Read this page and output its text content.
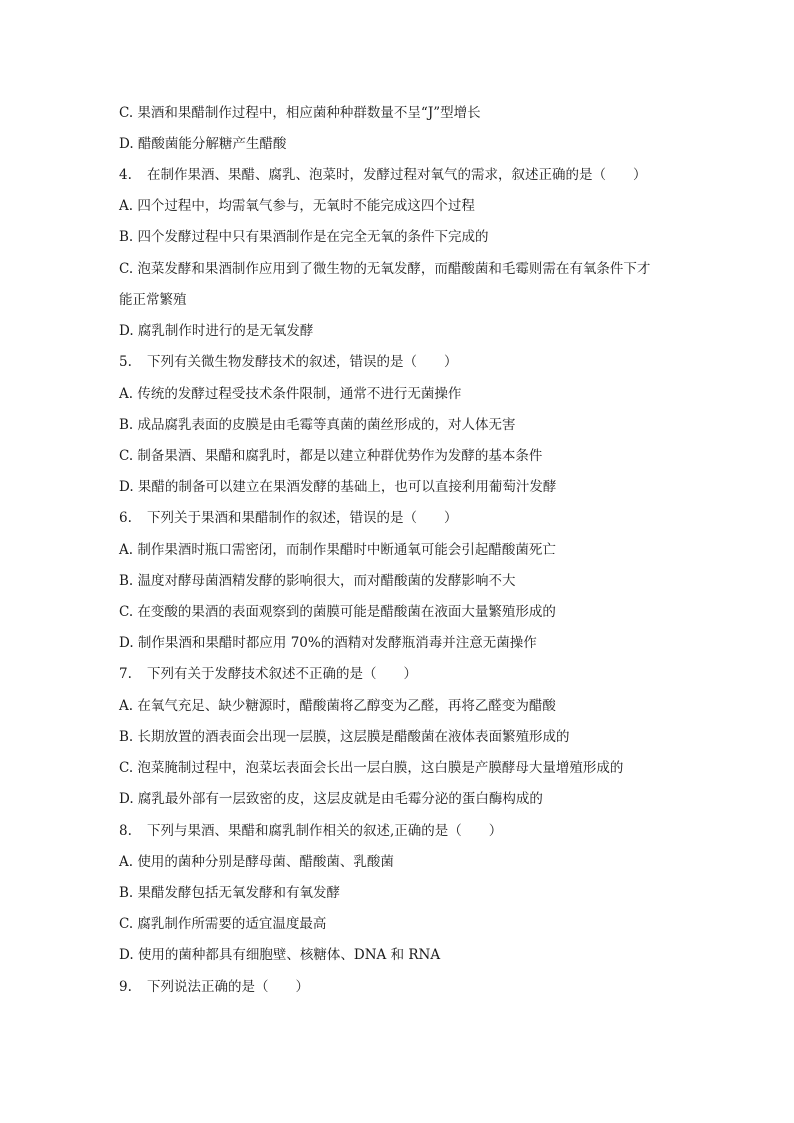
C. 果酒和果醋制作过程中，相应菌种种群数量不呈“J”型增长
D. 醋酸菌能分解糖产生醋酸
4. 在制作果酒、果醋、腐乳、泡菜时，发酵过程对氧气的需求，叙述正确的是（　　）
A. 四个过程中，均需氧气参与，无氧时不能完成这四个过程
B. 四个发酵过程中只有果酒制作是在完全无氧的条件下完成的
C. 泡菜发酵和果酒制作应用到了微生物的无氧发酵，而醋酸菌和毛霉则需在有氧条件下才
能正常繁殖
D. 腐乳制作时进行的是无氧发酵
5. 下列有关微生物发酵技术的叙述，错误的是（　　）
A. 传统的发酵过程受技术条件限制，通常不进行无菌操作
B. 成品腐乳表面的皮膜是由毛霉等真菌的菌丝形成的，对人体无害
C. 制备果酒、果醋和腐乳时，都是以建立种群优势作为发酵的基本条件
D. 果醋的制备可以建立在果酒发酵的基础上，也可以直接利用葡萄汁发酵
6. 下列关于果酒和果醋制作的叙述，错误的是（　　）
A. 制作果酒时瓶口需密闭，而制作果醋时中断通氧可能会引起醋酸菌死亡
B. 温度对酵母菌酒精发酵的影响很大，而对醋酸菌的发酵影响不大
C. 在变酸的果酒的表面观察到的菌膜可能是醋酸菌在液面大量繁殖形成的
D. 制作果酒和果醋时都应用 70%的酒精对发酵瓶消毒并注意无菌操作
7. 下列有关于发酵技术叙述不正确的是（　　）
A. 在氧气充足、缺少糖源时，醋酸菌将乙醇变为乙醛，再将乙醛变为醋酸
B. 长期放置的酒表面会出现一层膜，这层膜是醋酸菌在液体表面繁殖形成的
C. 泡菜腌制过程中，泡菜坛表面会长出一层白膜，这白膜是产膜酵母大量增殖形成的
D. 腐乳最外部有一层致密的皮，这层皮就是由毛霉分泌的蛋白酶构成的
8. 下列与果酒、果醋和腐乳制作相关的叙述,正确的是（　　）
A. 使用的菌种分别是酵母菌、醋酸菌、乳酸菌
B. 果醋发酵包括无氧发酵和有氧发酵
C. 腐乳制作所需要的适宜温度最高
D. 使用的菌种都具有细胞壁、核糖体、DNA 和 RNA
9. 下列说法正确的是（　　）
